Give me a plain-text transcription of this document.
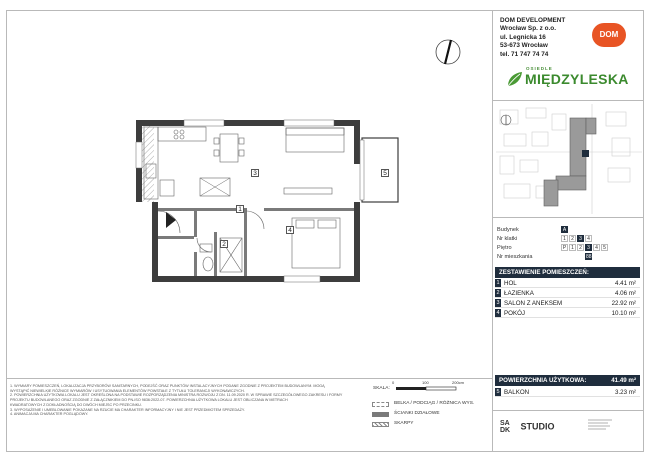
DOM DEVELOPMENT
Wrocław Sp. z o.o.
ul. Legnicka 16
53-673 Wrocław
tel. 71 747 74 74
DOM
OSIEDLE
MIĘDZYLESKA
Budynek	A
Nr klatki	1	2	3	4
Piętro	P 1	2	3	4	5
Nr mieszkania	88
ZESTAWIENIE POMIESZCZEŃ:
1 HOL	4.41 m²
2 ŁAZIENKA	4.06 m²
3 SALON Z ANEKSEM	22.92 m²
4 POKÓJ	10.10 m²
POWIERZCHNIA UŻYTKOWA:	41.49 m²
5 BALKON	3.23 m²
SA DK STUDIO
1
2
3
4
5
1. WYMIARY POMIESZCZEŃ, LOKALIZACJA PRZYBORÓW SANITARNYCH, PODEJŚĆ ORAZ PUNKTÓW INSTALACYJNYCH PODANE ZGODNIE Z PROJEKTEM BUDOWLANYM. MOGĄ
WYSTĄPIĆ NIEWIELKIE RÓŻNICE WYMIARÓW I USYTUOWANIA ELEMENTÓW POWSTAŁE Z TYTUŁU TOLERANCJI WYKONAWCZYCH.
2. POWIERZCHNIA UŻYTKOWA LOKALU JEST OKREŚLONA NA PODSTAWIE ROZPORZĄDZENIA MINISTRA ROZWOJU Z DN. 11.09.2020 R. W SPRAWIE SZCZEGÓŁOWEGO ZAKRESU I FORMY
PROJEKTU BUDOWLANEGO ORAZ ZGODNIE Z ZAŁĄCZNIKIEM DO PN-ISO 9836:2022-07. POWIERZCHNIA UŻYTKOWA LOKALU JEST OBLICZANA W METRACH
KWADRATOWYCH Z DOKŁADNOŚCIĄ DO DWÓCH MIEJSC PO PRZECINKU.
3. WYPOSAŻENIE I UMEBLOWANIE POKAZANE NA RZUCIE MA CHARAKTER INFORMACYJNY I NIE JEST PRZEDMIOTEM SPRZEDAŻY.
4. ANIMACJA MA CHARAKTER POGLĄDOWY.
SKALA:
0	100	200cm
BELKA / PODCIĄG / RÓŻNICA WYS.
ŚCIANKI DZIAŁOWE
SKARPY
